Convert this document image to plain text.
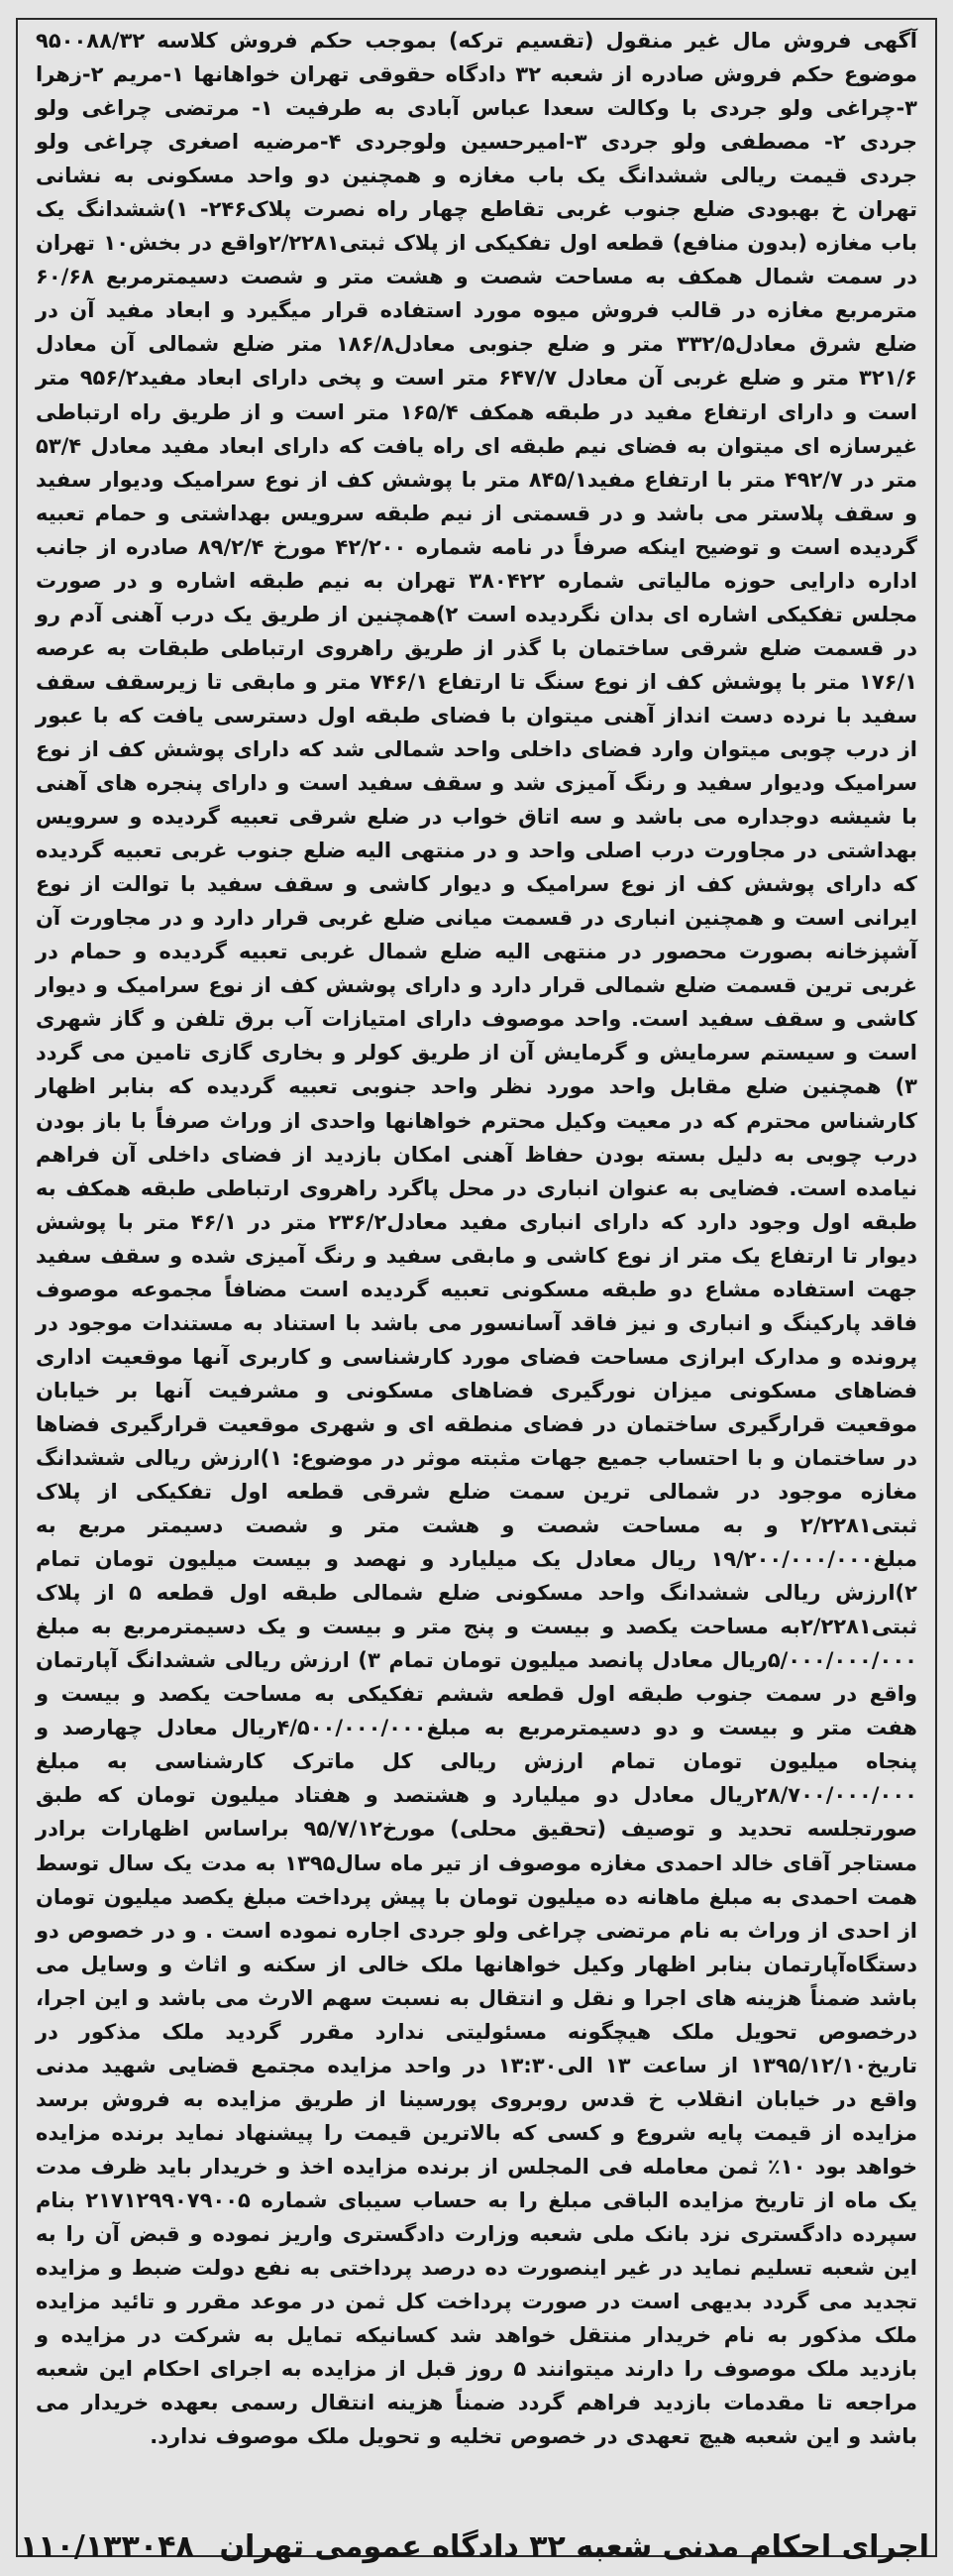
آگهی فروش مال غیر منقول (تقسیم ترکه) بموجب حکم فروش کلاسه ۹۵۰۰۸۸/۳۲ موضوع حکم فروش صادره از شعبه ۳۲ دادگاه حقوقی تهران خواهانها ۱-مریم ۲-زهرا ۳-چراغی ولو جردی با وکالت سعدا عباس آبادی به طرفیت ۱- مرتضی چراغی ولو جردی ۲- مصطفی ولو جردی ۳-امیرحسین ولوجردی ۴-مرضیه اصغری چراغی ولو جردی قیمت ریالی ششدانگ یک باب مغازه و همچنین دو واحد مسکونی به نشانی تهران خ بهبودی ضلع جنوب غربی تقاطع چهار راه نصرت پلاک۲۴۶- ۱)ششدانگ یک باب مغازه (بدون منافع) قطعه اول تفکیکی از پلاک ثبتی۲/۲۲۸۱واقع در بخش۱۰ تهران در سمت شمال همکف به مساحت شصت و هشت متر و شصت دسیمترمربع ۶۰/۶۸ مترمربع مغازه در قالب فروش میوه مورد استفاده قرار میگیرد و ابعاد مفید آن در ضلع شرق معادل۳۳۲/۵ متر و ضلع جنوبی معادل۱۸۶/۸ متر ضلع شمالی آن معادل ۳۲۱/۶ متر و ضلع غربی آن معادل ۶۴۷/۷ متر است و پخی دارای ابعاد مفید۹۵۶/۲ متر است و دارای ارتفاع مفید در طبقه همکف ۱۶۵/۴ متر است و از طریق راه ارتباطی غیرسازه ای میتوان به فضای نیم طبقه ای راه یافت که دارای ابعاد مفید معادل ۵۳/۴ متر در ۴۹۲/۷ متر با ارتفاع مفید۸۴۵/۱ متر با پوشش کف از نوع سرامیک ودیوار سفید و سقف پلاستر می باشد و در قسمتی از نیم طبقه سرویس بهداشتی و حمام تعبیه گردیده است و توضیح اینکه صرفاً در نامه شماره ۴۲/۲۰۰ مورخ ۸۹/۲/۴ صادره از جانب اداره دارایی حوزه مالیاتی شماره ۳۸۰۴۲۲ تهران به نیم طبقه اشاره و در صورت مجلس تفکیکی اشاره ای بدان نگردیده است ۲)همچنین از طریق یک درب آهنی آدم رو در قسمت ضلع شرقی ساختمان با گذر از طریق راهروی ارتباطی طبقات به عرصه ۱۷۶/۱ متر با پوشش کف از نوع سنگ تا ارتفاع ۷۴۶/۱ متر و مابقی تا زیرسقف سقف سفید با نرده دست انداز آهنی میتوان با فضای طبقه اول دسترسی یافت که با عبور از درب چوبی میتوان وارد فضای داخلی واحد شمالی شد که دارای پوشش کف از نوع سرامیک ودیوار سفید و رنگ آمیزی شد و سقف سفید است و دارای پنجره های آهنی با شیشه دوجداره می باشد و سه اتاق خواب در ضلع شرقی تعبیه گردیده و سرویس بهداشتی در مجاورت درب اصلی واحد و در منتهی الیه ضلع جنوب غربی تعبیه گردیده که دارای پوشش کف از نوع سرامیک و دیوار کاشی و سقف سفید با توالت از نوع ایرانی است و همچنین انباری در قسمت میانی ضلع غربی قرار دارد و در مجاورت آن آشپزخانه بصورت محصور در منتهی الیه ضلع شمال غربی تعبیه گردیده و حمام در غربی ترین قسمت ضلع شمالی قرار دارد و دارای پوشش کف از نوع سرامیک و دیوار کاشی و سقف سفید است. واحد موصوف دارای امتیازات آب برق تلفن و گاز شهری است و سیستم سرمایش و گرمایش آن از طریق کولر و بخاری گازی تامین می گردد ۳) همچنین ضلع مقابل واحد مورد نظر واحد جنوبی تعبیه گردیده که بنابر اظهار کارشناس محترم که در معیت وکیل محترم خواهانها واحدی از وراث صرفاً با باز بودن درب چوبی به دلیل بسته بودن حفاظ آهنی امکان بازدید از فضای داخلی آن فراهم نیامده است. فضایی به عنوان انباری در محل پاگرد راهروی ارتباطی طبقه همکف به طبقه اول وجود دارد که دارای انباری مفید معادل۲۳۶/۲ متر در ۴۶/۱ متر با پوشش دیوار تا ارتفاع یک متر از نوع کاشی و مابقی سفید و رنگ آمیزی شده و سقف سفید جهت استفاده مشاع دو طبقه مسکونی تعبیه گردیده است مضافاً مجموعه موصوف فاقد پارکینگ و انباری و نیز فاقد آسانسور می باشد با استناد به مستندات موجود در پرونده و مدارک ابرازی مساحت فضای مورد کارشناسی و کاربری آنها موقعیت اداری فضاهای مسکونی میزان نورگیری فضاهای مسکونی و مشرفیت آنها بر خیابان موقعیت قرارگیری ساختمان در فضای منطقه ای و شهری موقعیت قرارگیری فضاها در ساختمان و با احتساب جمیع جهات مثبته موثر در موضوع: ۱)ارزش ریالی ششدانگ مغازه موجود در شمالی ترین سمت ضلع شرقی قطعه اول تفکیکی از پلاک ثبتی۲/۲۲۸۱ و به مساحت شصت و هشت متر و شصت دسیمتر مربع به مبلغ۱۹/۲۰۰/۰۰۰/۰۰۰ ریال معادل یک میلیارد و نهصد و بیست میلیون تومان تمام ۲)ارزش ریالی ششدانگ واحد مسکونی ضلع شمالی طبقه اول قطعه ۵ از پلاک ثبتی۲/۲۲۸۱به مساحت یکصد و بیست و پنج متر و بیست و یک دسیمترمربع به مبلغ ۵/۰۰۰/۰۰۰/۰۰۰ریال معادل پانصد میلیون تومان تمام ۳) ارزش ریالی ششدانگ آپارتمان واقع در سمت جنوب طبقه اول قطعه ششم تفکیکی به مساحت یکصد و بیست و هفت متر و بیست و دو دسیمترمربع به مبلغ۴/۵۰۰/۰۰۰/۰۰۰ریال معادل چهارصد و پنجاه میلیون تومان تمام ارزش ریالی کل ماترک کارشناسی به مبلغ ۲۸/۷۰۰/۰۰۰/۰۰۰ریال معادل دو میلیارد و هشتصد و هفتاد میلیون تومان که طبق صورتجلسه تحدید و توصیف (تحقیق محلی) مورخ۹۵/۷/۱۲ براساس اظهارات برادر مستاجر آقای خالد احمدی مغازه موصوف از تیر ماه سال۱۳۹۵ به مدت یک سال توسط همت احمدی به مبلغ ماهانه ده میلیون تومان با پیش پرداخت مبلغ یکصد میلیون تومان از احدی از وراث به نام مرتضی چراغی ولو جردی اجاره نموده است . و در خصوص دو دستگاه‌آپارتمان بنابر اظهار وکیل خواهانها ملک خالی از سکنه و اثاث و وسایل می باشد ضمناً هزینه های اجرا و نقل و انتقال به نسبت سهم الارث می باشد و این اجرا، درخصوص تحویل ملک هیچگونه مسئولیتی ندارد مقرر گردید ملک مذکور در تاریخ۱۳۹۵/۱۲/۱۰ از ساعت ۱۳ الی۱۳:۳۰ در واحد مزایده مجتمع قضایی شهید مدنی واقع در خیابان انقلاب خ قدس روبروی پورسینا از طریق مزایده به فروش برسد مزایده از قیمت پایه شروع و کسی که بالاترین قیمت را پیشنهاد نماید برنده مزایده خواهد بود ۱۰٪ ثمن معامله فی المجلس از برنده مزایده اخذ و خریدار باید ظرف مدت یک ماه از تاریخ مزایده الباقی مبلغ را به حساب سیبای شماره ۲۱۷۱۲۹۹۰۷۹۰۰۵ بنام سپرده دادگستری نزد بانک ملی شعبه وزارت دادگستری واریز نموده و قبض آن را به این شعبه تسلیم نماید در غیر اینصورت ده درصد پرداختی به نفع دولت ضبط و مزایده تجدید می گردد بدیهی است در صورت پرداخت کل ثمن در موعد مقرر و تائید مزایده ملک مذکور به نام خریدار منتقل خواهد شد کسانیکه تمایل به شرکت در مزایده و بازدید ملک موصوف را دارند میتوانند ۵ روز قبل از مزایده به اجرای احکام این شعبه مراجعه تا مقدمات بازدید فراهم گردد ضمناً هزینه انتقال رسمی بعهده خریدار می باشد و این شعبه هیچ تعهدی در خصوص تخلیه و تحویل ملک موصوف ندارد.

اجرای احکام مدنی شعبه ۳۲ دادگاه عمومی تهران
۱۱۰/۱۳۳۰۴۸
